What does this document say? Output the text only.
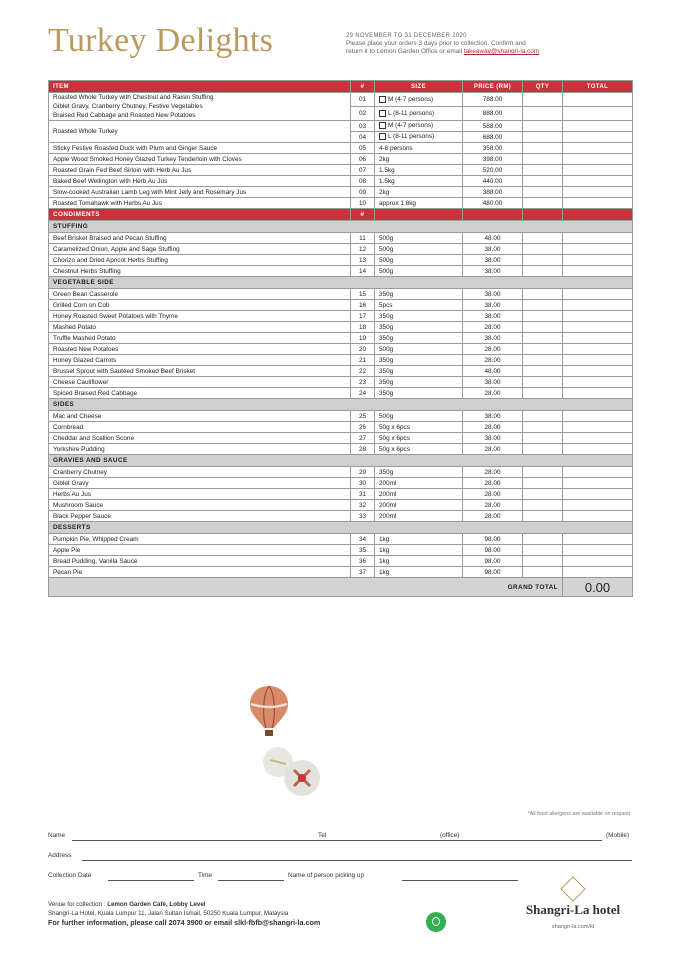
Turkey Delights	29 NOVEMBER TO 31 DECEMBER 2020
Please place your orders 3 days prior to collection. Confirm and
return it to Lemon Garden Office or email takeaway@shangri-la.com
ITEM	#	SIZE	PRICE (RM)	QTY	TOTAL

Roasted Whole Turkey with Chestnut and Raisin Stuffing
Giblet Gravy, Cranberry Chutney, Festive Vegetables
Braised Red Cabbage and Roasted New Potatoes	01	M (4-7 persons)	788.00		
	02	L (8-11 persons)	888.00		

Roasted Whole Turkey	03	M (4-7 persons)	588.00		
	04	L (8-11 persons)	688.00		

Sticky Festive Roasted Duck with Plum and Ginger Sauce	05	4-6 persons	358.00		

Apple Wood Smoked Honey Glazed Turkey Tenderloin with Cloves	06	2kg	398.00		

Roasted Grain Fed Beef Sirloin with Herb Au Jus	07	1.5kg	520.00		

Baked Beef Wellington with Herb Au Jus	08	1.5kg	440.00		

Slow-cooked Australian Lamb Leg with Mint Jelly and Rosemary Jus	09	2kg	388.00		

Roasted Tomahawk with Herbs Au Jus	10	approx 1.8kg	480.00		
CONDIMENTS	#				
STUFFING					
Beef Brisket Braised and Pecan Stuffing	11	500g	48.00		
Caramelized Onion, Apple and Sage Stuffing	12	500g	38.00		
Chorizo and Dried Apricot Herbs Stuffing	13	500g	38.00		
Chestnut Herbs Stuffing	14	500g	38.00		
VEGETABLE SIDE					
Green Bean Casserole	15	350g	38.00		
Grilled Corn on Cob	16	5pcs	38.00		
Honey Roasted Sweet Potatoes with Thyme	17	350g	38.00		
Mashed Potato	18	350g	28.00		
Truffle Mashed Potato	19	350g	38.00		
Roasted New Potatoes	20	500g	28.00		
Honey Glazed Carrots	21	350g	28.00		
Brussel Sprout with Sautéed Smoked Beef Brisket	22	350g	48.00		
Cheese Cauliflower	23	350g	38.00		
Spiced Braised Red Cabbage	24	350g	28.00		
SIDES					
Mac and Cheese	25	500g	38.00		
Cornbread	26	50g x 6pcs	28.00		
Cheddar and Scallion Scone	27	50g x 6pcs	38.00		
Yorkshire Pudding	28	50g x 6pcs	28.00		
GRAVIES AND SAUCE					
Cranberry Chutney	29	350g	28.00		
Giblet Gravy	30	200ml	28.00		
Herbs Au Jus	31	200ml	28.00		
Mushroom Sauce	32	200ml	28.00		
Black Pepper Sauce	33	200ml	28.00		
DESSERTS					
Pumpkin Pie, Whipped Cream	34	1kg	98.00		
Apple Pie	35	1kg	98.00		
Bread Pudding, Vanilla Sauce	36	1kg	98.00		
Pecan Pie	37	1kg	98.00		
GRAND TOTAL					0.00
*All food allergens are available on request
Name	Tel	(office)	(Mobile)
Address
Collection Date	Time	Name of person picking up
Venue for collection : Lemon Garden Café, Lobby Level
Shangri-La Hotel, Kuala Lumpur 11, Jalan Sultan Ismail, 50250 Kuala Lumpur, Malaysia
For further information, please call 2074 3900 or email slkl-fbfb@shangri-la.com
Shangri-La hotel
shangri-la.com/kl
